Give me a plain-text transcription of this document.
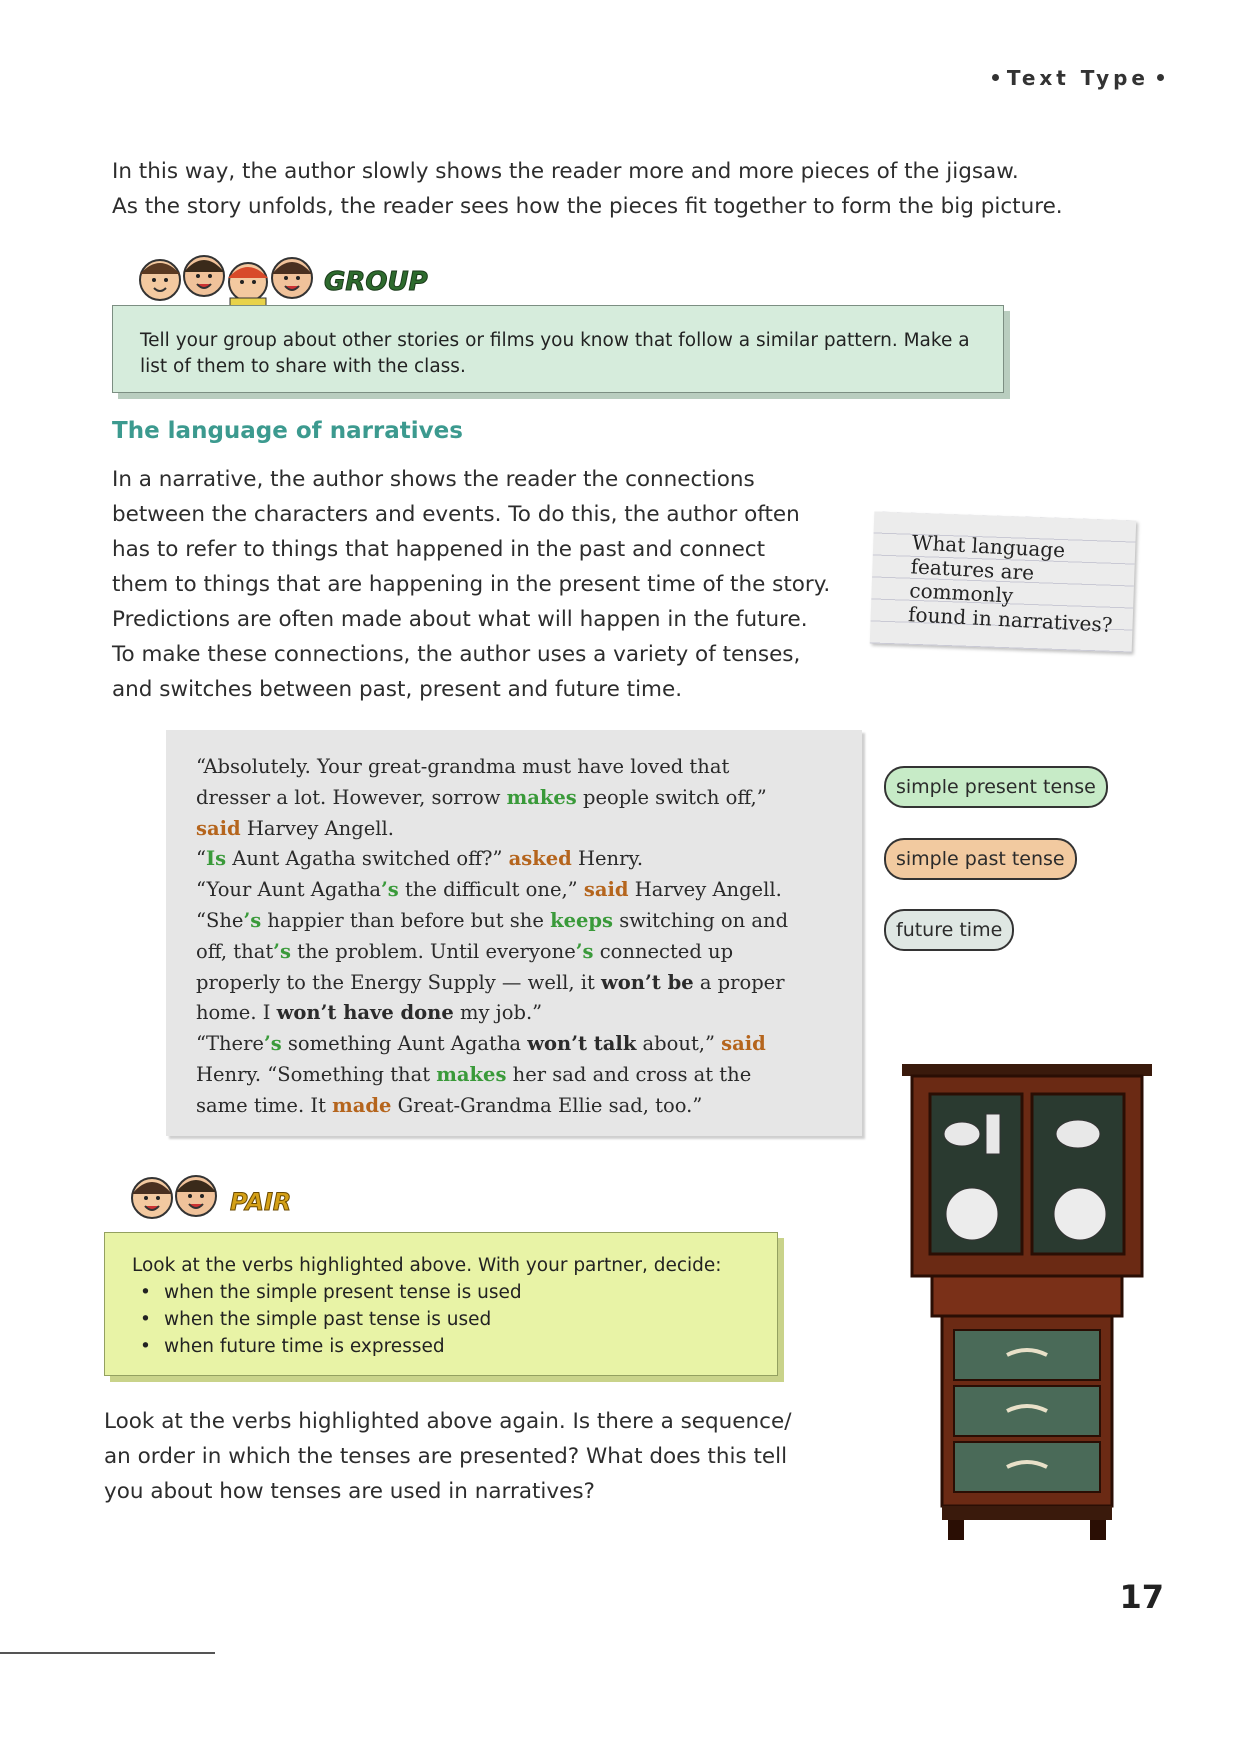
Text Type
In this way, the author slowly shows the reader more and more pieces of the jigsaw.
As the story unfolds, the reader sees how the pieces fit together to form the big picture.
GROUP
Tell your group about other stories or films you know that follow a similar pattern. Make a list of them to share with the class.
The language of narratives
In a narrative, the author shows the reader the connections
between the characters and events. To do this, the author often
has to refer to things that happened in the past and connect
them to things that are happening in the present time of the story.
Predictions are often made about what will happen in the future.
To make these connections, the author uses a variety of tenses,
and switches between past, present and future time.
What language
features are commonly
found in narratives?
“Absolutely. Your great-grandma must have loved that
dresser a lot. However, sorrow makes people switch off,”
said Harvey Angell.
“Is Aunt Agatha switched off?” asked Henry.
“Your Aunt Agatha’s the difficult one,” said Harvey Angell.
“She’s happier than before but she keeps switching on and
off, that’s the problem. Until everyone’s connected up
properly to the Energy Supply — well, it won’t be a proper
home. I won’t have done my job.”
“There’s something Aunt Agatha won’t talk about,” said
Henry. “Something that makes her sad and cross at the
same time. It made Great-Grandma Ellie sad, too.”
simple present tense
simple past tense
future time
PAIR
Look at the verbs highlighted above. With your partner, decide:
• when the simple present tense is used
• when the simple past tense is used
• when future time is expressed
Look at the verbs highlighted above again. Is there a sequence/
an order in which the tenses are presented? What does this tell
you about how tenses are used in narratives?
17
